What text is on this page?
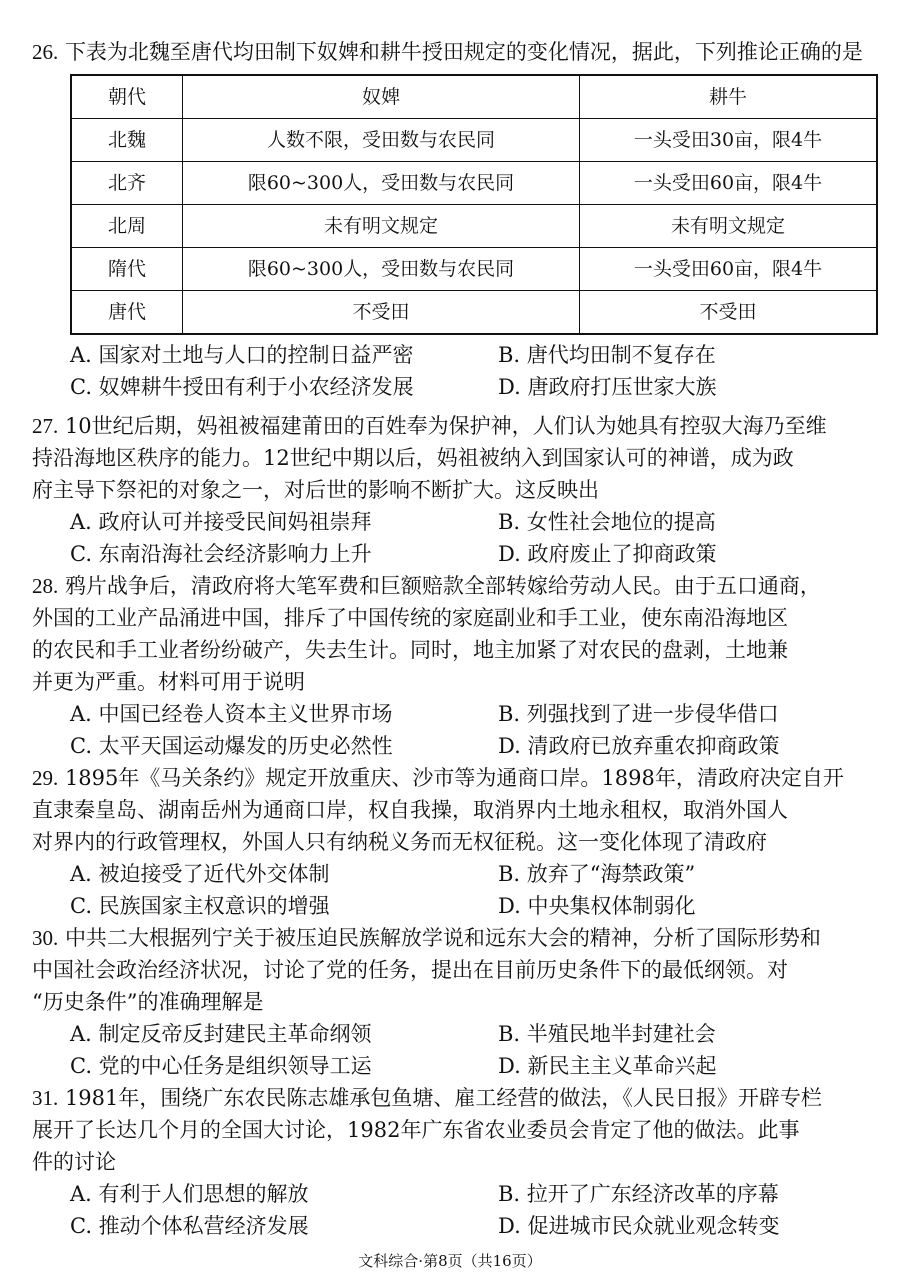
26. 下表为北魏至唐代均田制下奴婢和耕牛授田规定的变化情况，据此，下列推论正确的是

朝代	奴婢	耕牛
北魏	人数不限，受田数与农民同	一头受田30亩，限4牛
北齐	限60~300人，受田数与农民同	一头受田60亩，限4牛
北周	未有明文规定	未有明文规定
隋代	限60~300人，受田数与农民同	一头受田60亩，限4牛
唐代	不受田	不受田
A. 国家对土地与人口的控制日益严密	B. 唐代均田制不复存在
C. 奴婢耕牛授田有利于小农经济发展	D. 唐政府打压世家大族

27. 10世纪后期，妈祖被福建莆田的百姓奉为保护神，人们认为她具有控驭大海乃至维
持沿海地区秩序的能力。12世纪中期以后，妈祖被纳入到国家认可的神谱，成为政
府主导下祭祀的对象之一，对后世的影响不断扩大。这反映出

A. 政府认可并接受民间妈祖崇拜	B. 女性社会地位的提高
C. 东南沿海社会经济影响力上升	D. 政府废止了抑商政策

28. 鸦片战争后，清政府将大笔军费和巨额赔款全部转嫁给劳动人民。由于五口通商，
外国的工业产品涌进中国，排斥了中国传统的家庭副业和手工业，使东南沿海地区
的农民和手工业者纷纷破产，失去生计。同时，地主加紧了对农民的盘剥，土地兼
并更为严重。材料可用于说明

A. 中国已经卷人资本主义世界市场	B. 列强找到了进一步侵华借口
C. 太平天国运动爆发的历史必然性	D. 清政府已放弃重农抑商政策

29. 1895年《马关条约》规定开放重庆、沙市等为通商口岸。1898年，清政府决定自开
直隶秦皇岛、湖南岳州为通商口岸，权自我操，取消界内土地永租权，取消外国人
对界内的行政管理权，外国人只有纳税义务而无权征税。这一变化体现了清政府

A. 被迫接受了近代外交体制	B. 放弃了“海禁政策”
C. 民族国家主权意识的增强	D. 中央集权体制弱化

30. 中共二大根据列宁关于被压迫民族解放学说和远东大会的精神，分析了国际形势和
中国社会政治经济状况，讨论了党的任务，提出在目前历史条件下的最低纲领。对
“历史条件”的准确理解是

A. 制定反帝反封建民主革命纲领	B. 半殖民地半封建社会
C. 党的中心任务是组织领导工运	D. 新民主主义革命兴起

31. 1981年，围绕广东农民陈志雄承包鱼塘、雇工经营的做法，《人民日报》开辟专栏
展开了长达几个月的全国大讨论，1982年广东省农业委员会肯定了他的做法。此事
件的讨论

A. 有利于人们思想的解放	B. 拉开了广东经济改革的序幕
C. 推动个体私营经济发展	D. 促进城市民众就业观念转变
文科综合·第8页（共16页）
